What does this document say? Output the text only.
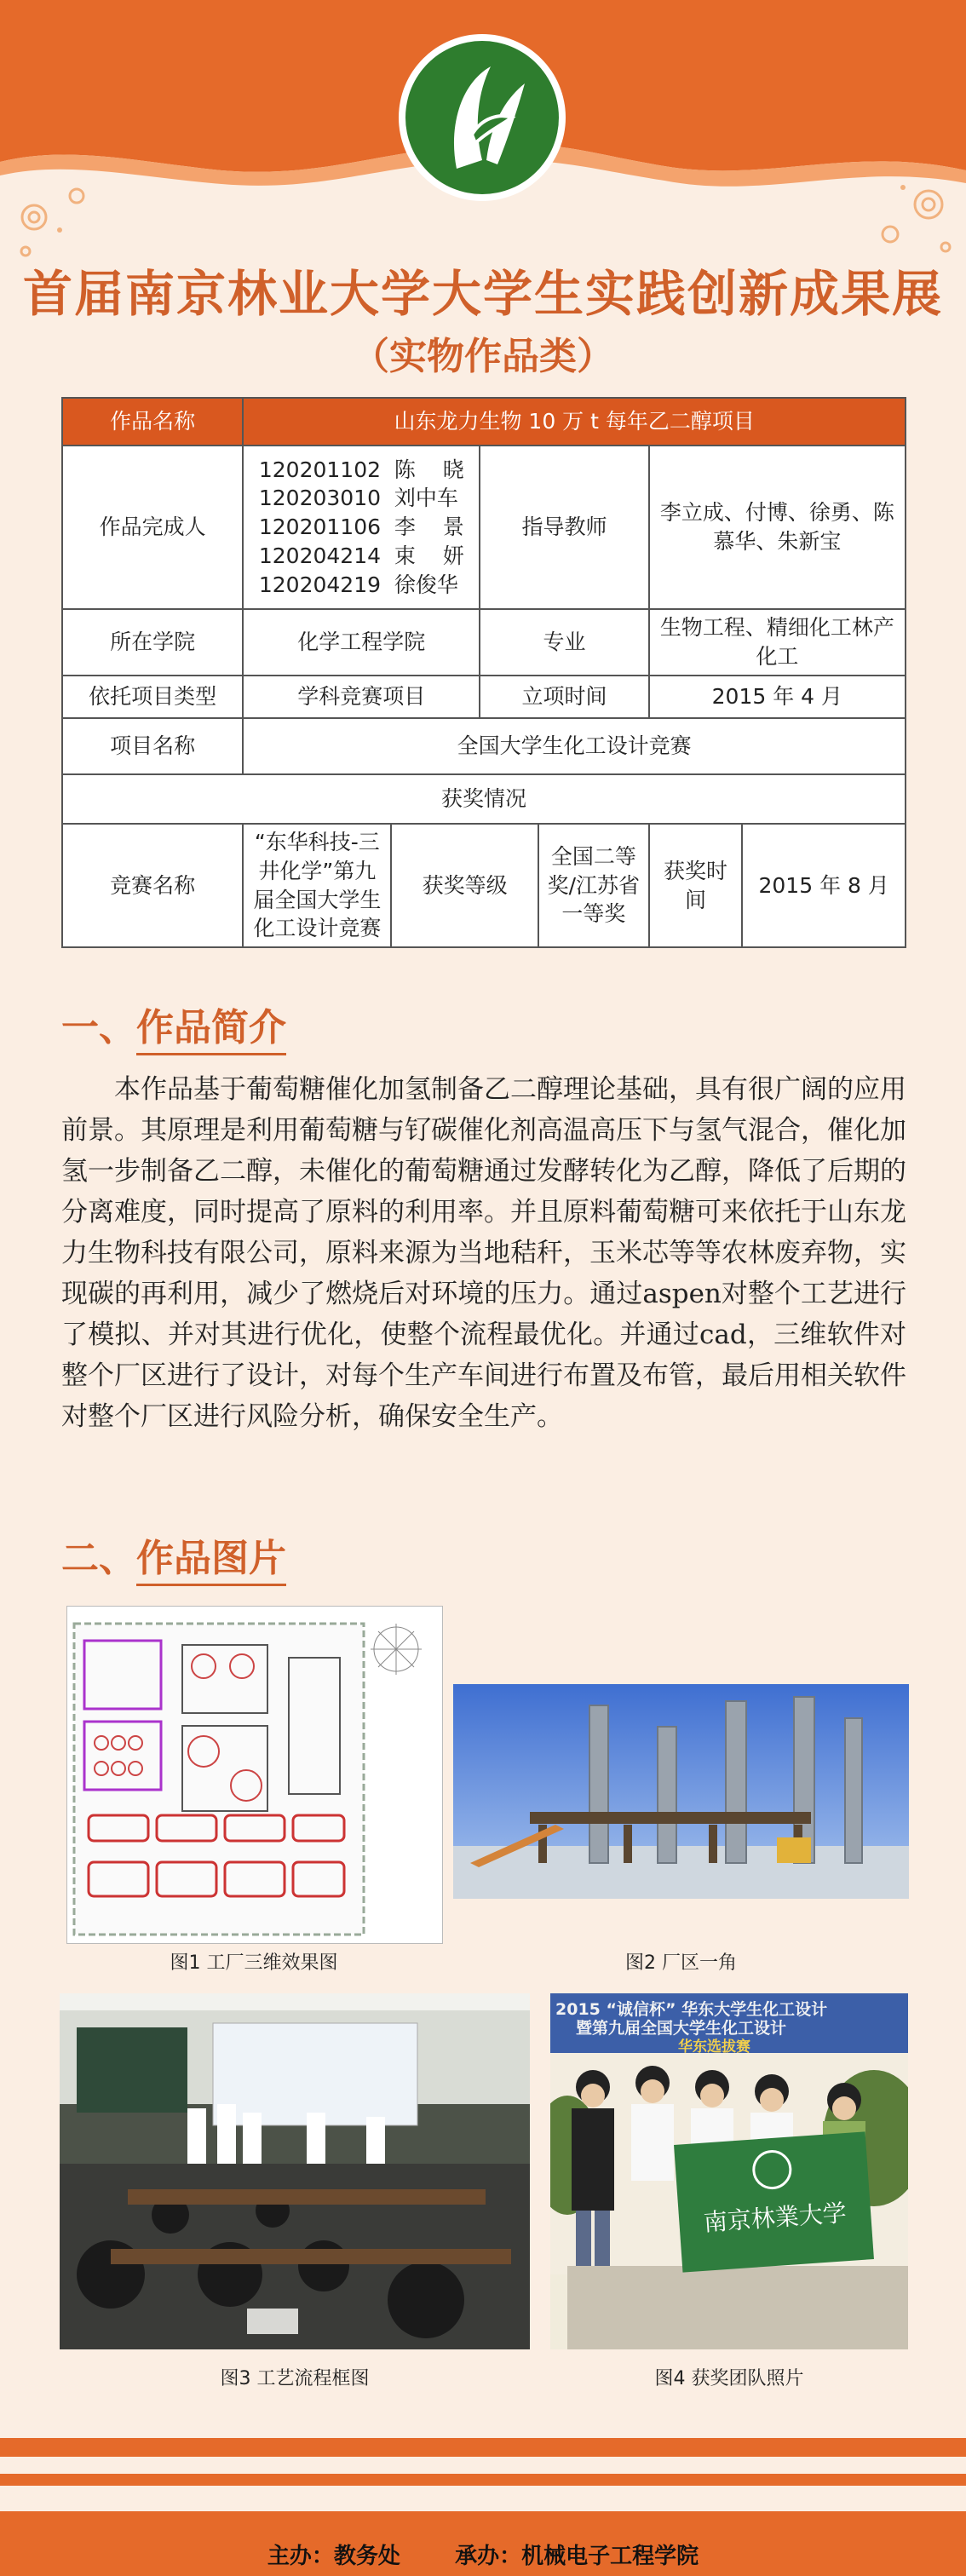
首届南京林业大学大学生实践创新成果展
（实物作品类）
作品名称	山东龙力生物 10 万 t 每年乙二醇项目					
作品完成人	120201102  陈    晓
120203010  刘中车
120201106  李    景
120204214  束    妍
120204219  徐俊华		指导教师		李立成、付博、徐勇、陈慕华、朱新宝	
所在学院	化学工程学院		专业		生物工程、精细化工林产化工	
依托项目类型	学科竞赛项目		立项时间		2015 年 4 月	
项目名称	全国大学生化工设计竞赛					
获奖情况						
竞赛名称	“东华科技-三井化学”第九届全国大学生化工设计竞赛	获奖等级		全国二等奖/江苏省一等奖	获奖时间	2015 年 8 月
一、作品简介

本作品基于葡萄糖催化加氢制备乙二醇理论基础，具有很广阔的应用前景。其原理是利用葡萄糖与钌碳催化剂高温高压下与氢气混合，催化加氢一步制备乙二醇，未催化的葡萄糖通过发酵转化为乙醇，降低了后期的分离难度，同时提高了原料的利用率。并且原料葡萄糖可来依托于山东龙力生物科技有限公司，原料来源为当地秸秆，玉米芯等等农林废弃物，实现碳的再利用，减少了燃烧后对环境的压力。通过aspen对整个工艺进行了模拟、并对其进行优化，使整个流程最优化。并通过cad，三维软件对整个厂区进行了设计，对每个生产车间进行布置及布管，最后用相关软件对整个厂区进行风险分析，确保安全生产。

二、作品图片
图1 工厂三维效果图	图2 厂区一角
图3 工艺流程框图
2015 “诚信杯” 华东大学生化工设计
暨第九届全国大学生化工设计
华东选拔赛
南京林業大学
图4 获奖团队照片
主办：教务处 承办：机械电子工程学院
